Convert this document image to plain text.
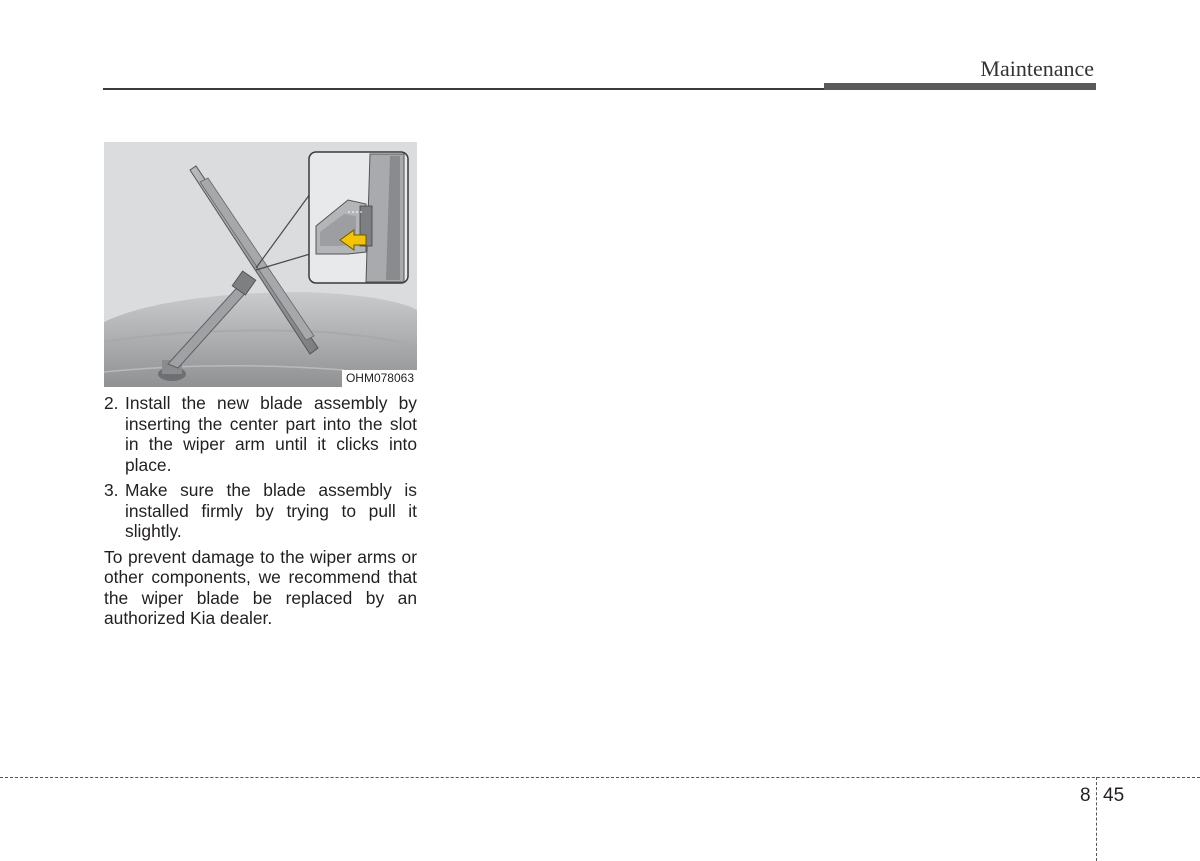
Maintenance
OHM078063
2. Install the new blade assembly by inserting the center part into the slot in the wiper arm until it clicks into place.
3. Make sure the blade assembly is installed firmly by trying to pull it slightly.
To prevent damage to the wiper arms or other components, we recommend that the wiper blade be replaced by an authorized Kia dealer.
8 45
